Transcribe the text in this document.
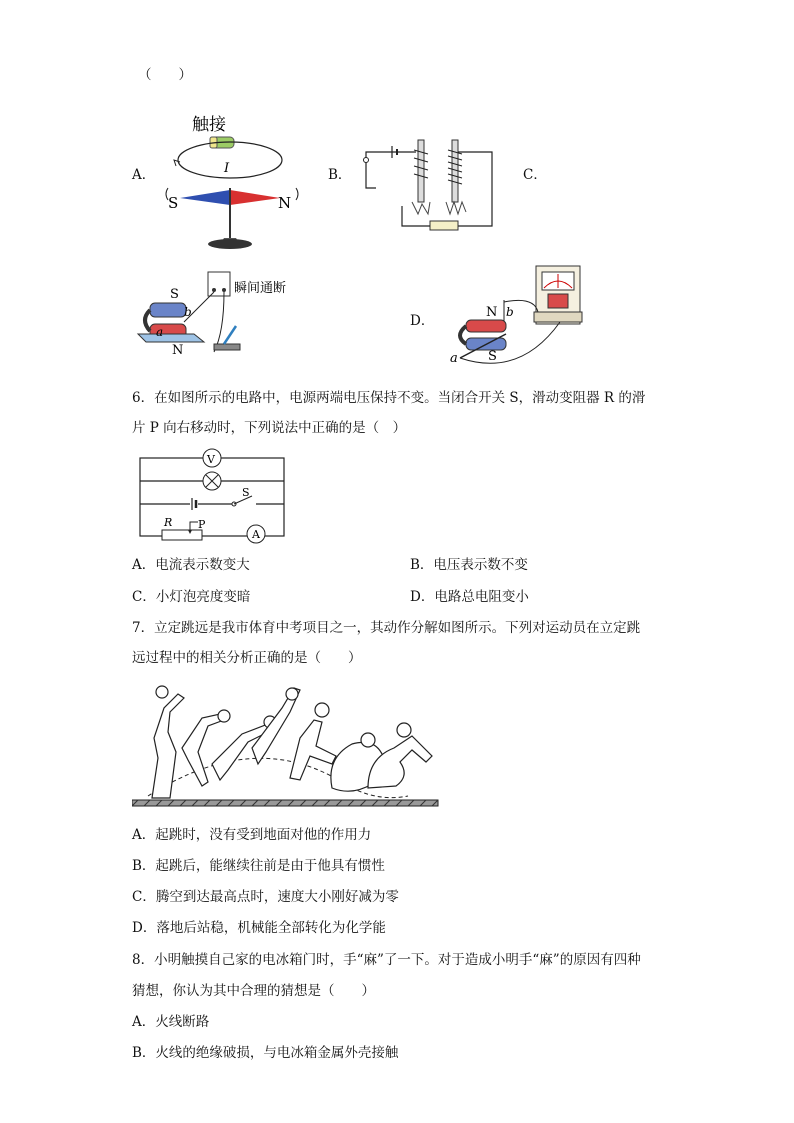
（　　）
A．
触接
I
S	N
B．	C．
S
b
a
N
瞬间通断
D．
N b
a S
6．在如图所示的电路中，电源两端电压保持不变。当闭合开关 S，滑动变阻器 R 的滑
片 P 向右移动时，下列说法中正确的是（　）
V
S
R P
A
A．电流表示数变大	B．电压表示数不变
C．小灯泡亮度变暗	D．电路总电阻变小
7．立定跳远是我市体育中考项目之一，其动作分解如图所示。下列对运动员在立定跳
远过程中的相关分析正确的是（　　）
A．起跳时，没有受到地面对他的作用力
B．起跳后，能继续往前是由于他具有惯性
C．腾空到达最高点时，速度大小刚好减为零
D．落地后站稳，机械能全部转化为化学能
8．小明触摸自己家的电冰箱门时，手“麻”了一下。对于造成小明手“麻”的原因有四种
猜想，你认为其中合理的猜想是（　　）
A．火线断路
B．火线的绝缘破损，与电冰箱金属外壳接触
